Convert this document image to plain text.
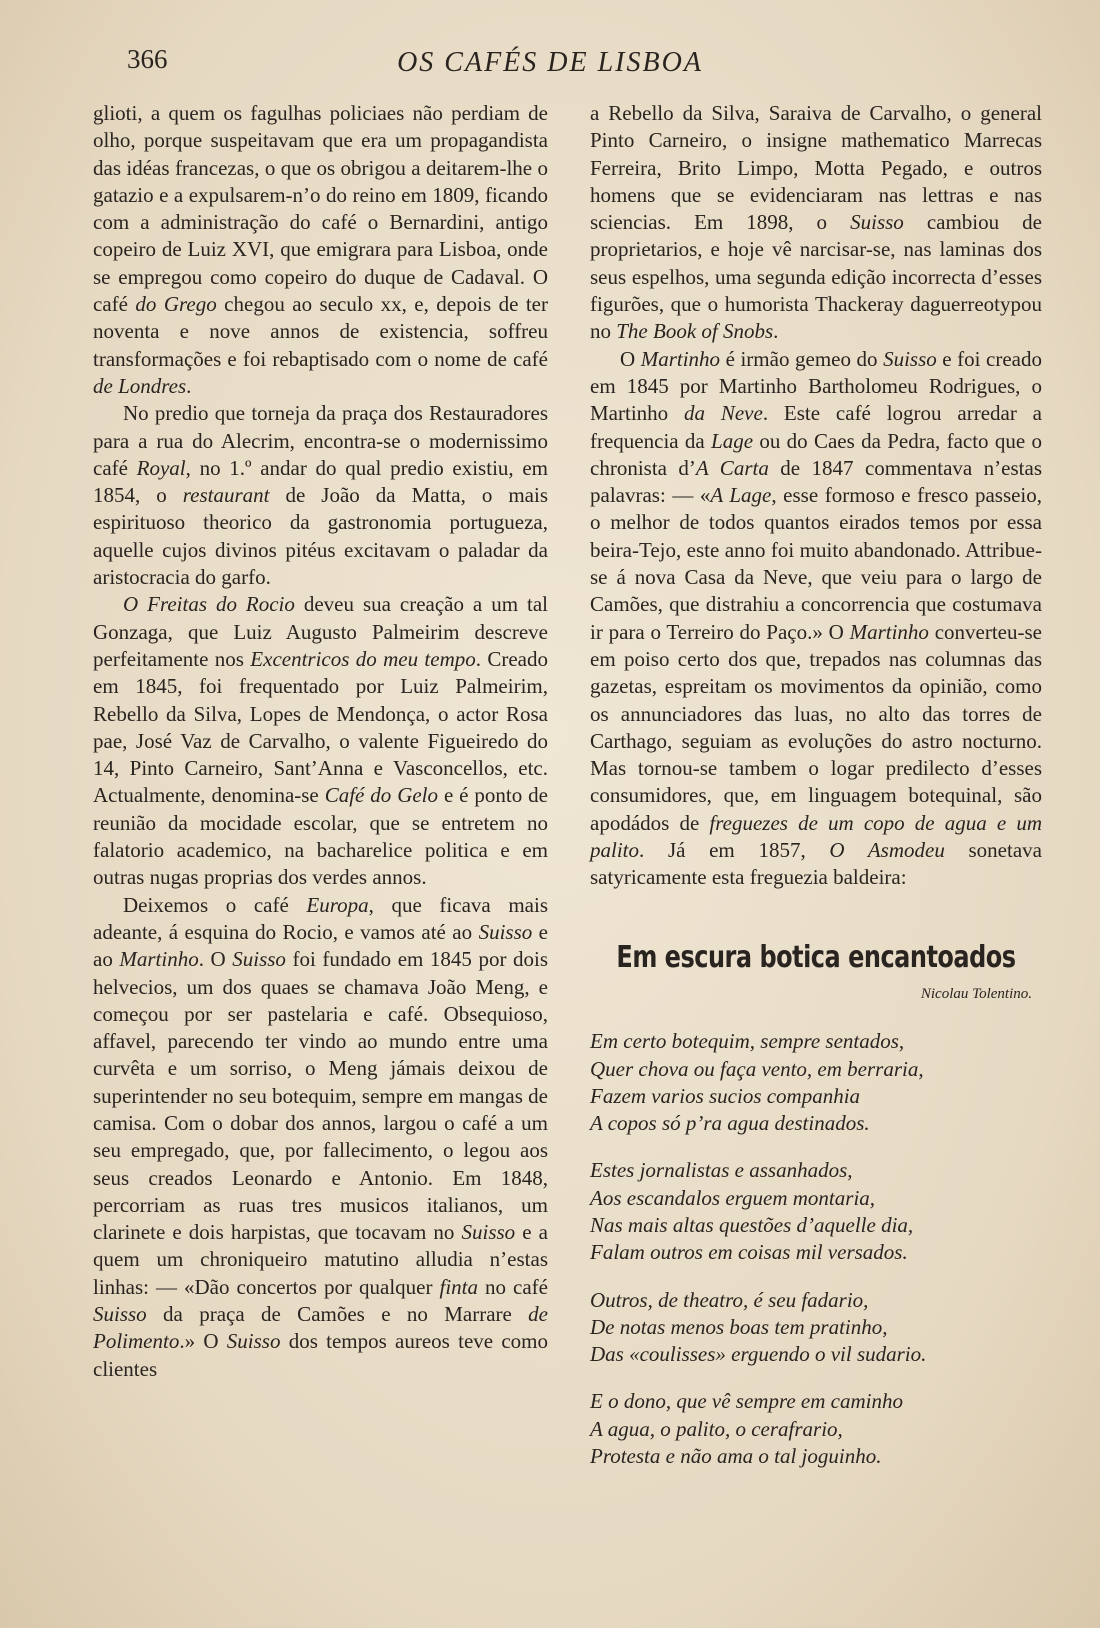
366	OS CAFÉS DE LISBOA

glioti, a quem os fagulhas policiaes não perdiam de olho, porque suspeitavam que era um propagandista das idéas francezas, o que os obrigou a deitarem-lhe o gatazio e a expulsarem-n’o do reino em 1809, ficando com a administração do café o Bernardini, antigo copeiro de Luiz XVI, que emigrara para Lisboa, onde se empregou como copeiro do duque de Cadaval. O café do Grego chegou ao seculo xx, e, depois de ter noventa e nove annos de existencia, soffreu transformações e foi rebaptisado com o nome de café de Londres.

No predio que torneja da praça dos Restauradores para a rua do Alecrim, encontra-se o modernissimo café Royal, no 1.º andar do qual predio existiu, em 1854, o restaurant de João da Matta, o mais espirituoso theorico da gastronomia portugueza, aquelle cujos divinos pitéus excitavam o paladar da aristocracia do garfo.

O Freitas do Rocio deveu sua creação a um tal Gonzaga, que Luiz Augusto Palmeirim descreve perfeitamente nos Excentricos do meu tempo. Creado em 1845, foi frequentado por Luiz Palmeirim, Rebello da Silva, Lopes de Mendonça, o actor Rosa pae, José Vaz de Carvalho, o valente Figueiredo do 14, Pinto Carneiro, Sant’Anna e Vasconcellos, etc. Actualmente, denomina-se Café do Gelo e é ponto de reunião da mocidade escolar, que se entretem no falatorio academico, na bacharelice politica e em outras nugas proprias dos verdes annos.

Deixemos o café Europa, que ficava mais adeante, á esquina do Rocio, e vamos até ao Suisso e ao Martinho. O Suisso foi fundado em 1845 por dois helvecios, um dos quaes se chamava João Meng, e começou por ser pastelaria e café. Obsequioso, affavel, parecendo ter vindo ao mundo entre uma curvêta e um sorriso, o Meng jámais deixou de superintender no seu botequim, sempre em mangas de camisa. Com o dobar dos annos, largou o café a um seu empregado, que, por fallecimento, o legou aos seus creados Leonardo e Antonio. Em 1848, percorriam as ruas tres musicos italianos, um clarinete e dois harpistas, que tocavam no Suisso e a quem um chroniqueiro matutino alludia n’estas linhas: — «Dão concertos por qualquer finta no café Suisso da praça de Camões e no Marrare de Polimento.» O Suisso dos tempos aureos teve como clientes

a Rebello da Silva, Saraiva de Carvalho, o general Pinto Carneiro, o insigne mathematico Marrecas Ferreira, Brito Limpo, Motta Pegado, e outros homens que se evidenciaram nas lettras e nas sciencias. Em 1898, o Suisso cambiou de proprietarios, e hoje vê narcisar-se, nas laminas dos seus espelhos, uma segunda edição incorrecta d’esses figurões, que o humorista Thackeray daguerreotypou no The Book of Snobs.

O Martinho é irmão gemeo do Suisso e foi creado em 1845 por Martinho Bartholomeu Rodrigues, o Martinho da Neve. Este café logrou arredar a frequencia da Lage ou do Caes da Pedra, facto que o chronista d’A Carta de 1847 commentava n’estas palavras: — «A Lage, esse formoso e fresco passeio, o melhor de todos quantos eirados temos por essa beira-Tejo, este anno foi muito abandonado. Attribue-se á nova Casa da Neve, que veiu para o largo de Camões, que distrahiu a concorrencia que costumava ir para o Terreiro do Paço.» O Martinho converteu-se em poiso certo dos que, trepados nas columnas das gazetas, espreitam os movimentos da opinião, como os annunciadores das luas, no alto das torres de Carthago, seguiam as evoluções do astro nocturno. Mas tornou-se tambem o logar predilecto d’esses consumidores, que, em linguagem botequinal, são apodádos de freguezes de um copo de agua e um palito. Já em 1857, O Asmodeu sonetava satyricamente esta freguezia baldeira:

Em escura botica encantoados
Nicolau Tolentino.
Em certo botequim, sempre sentados,
Quer chova ou faça vento, em berraria,
Fazem varios sucios companhia
A copos só p’ra agua destinados.
Estes jornalistas e assanhados,
Aos escandalos erguem montaria,
Nas mais altas questões d’aquelle dia,
Falam outros em coisas mil versados.
Outros, de theatro, é seu fadario,
De notas menos boas tem pratinho,
Das «coulisses» erguendo o vil sudario.
E o dono, que vê sempre em caminho
A agua, o palito, o cerafrario,
Protesta e não ama o tal joguinho.
